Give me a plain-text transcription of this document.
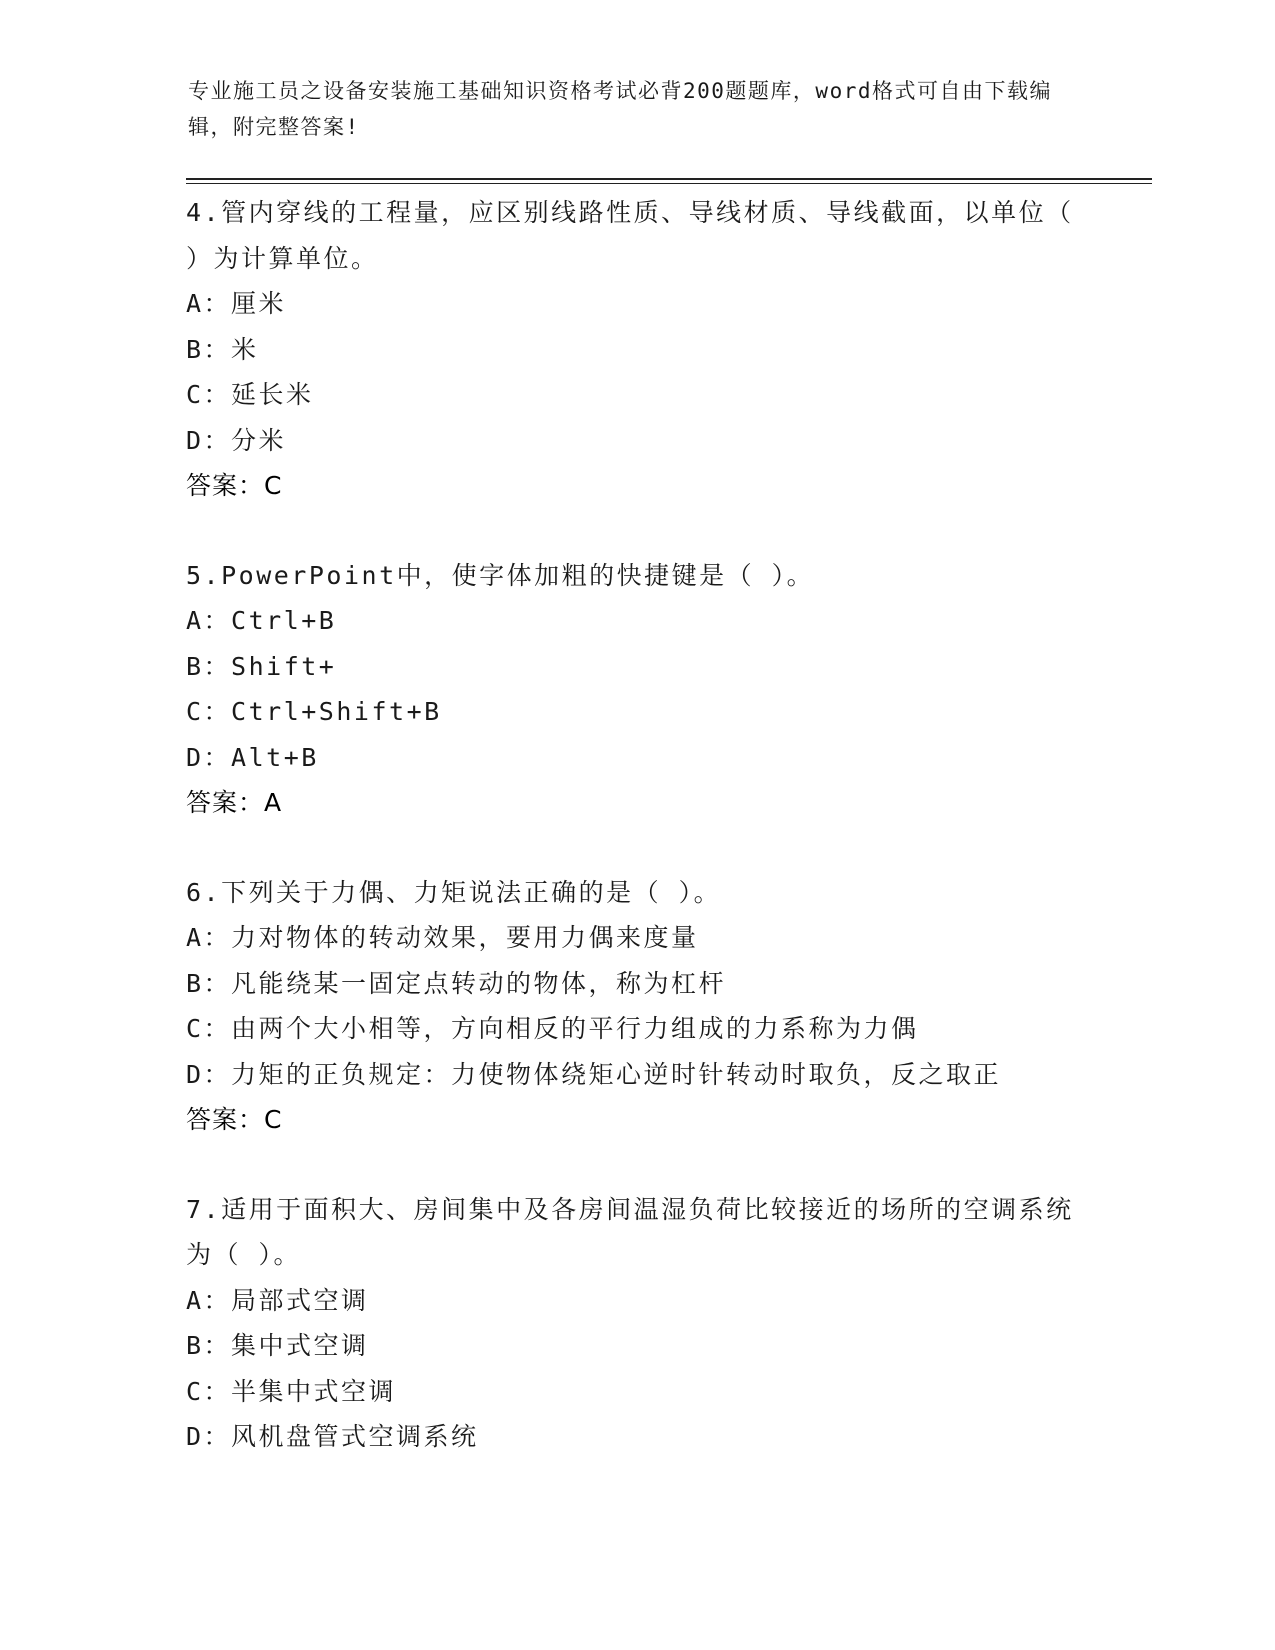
专业施工员之设备安装施工基础知识资格考试必背200题题库，word格式可自由下载编辑，附完整答案!
4.管内穿线的工程量，应区别线路性质、导线材质、导线截面，以单位（ ）为计算单位。
A：厘米
B：米
C：延长米
D：分米
答案：C
5.PowerPoint中，使字体加粗的快捷键是（ ）。
A：Ctrl+B
B：Shift+
C：Ctrl+Shift+B
D：Alt+B
答案：A
6.下列关于力偶、力矩说法正确的是（ ）。
A：力对物体的转动效果，要用力偶来度量
B：凡能绕某一固定点转动的物体，称为杠杆
C：由两个大小相等，方向相反的平行力组成的力系称为力偶
D：力矩的正负规定：力使物体绕矩心逆时针转动时取负，反之取正
答案：C
7.适用于面积大、房间集中及各房间温湿负荷比较接近的场所的空调系统为（ ）。
A：局部式空调
B：集中式空调
C：半集中式空调
D：风机盘管式空调系统
